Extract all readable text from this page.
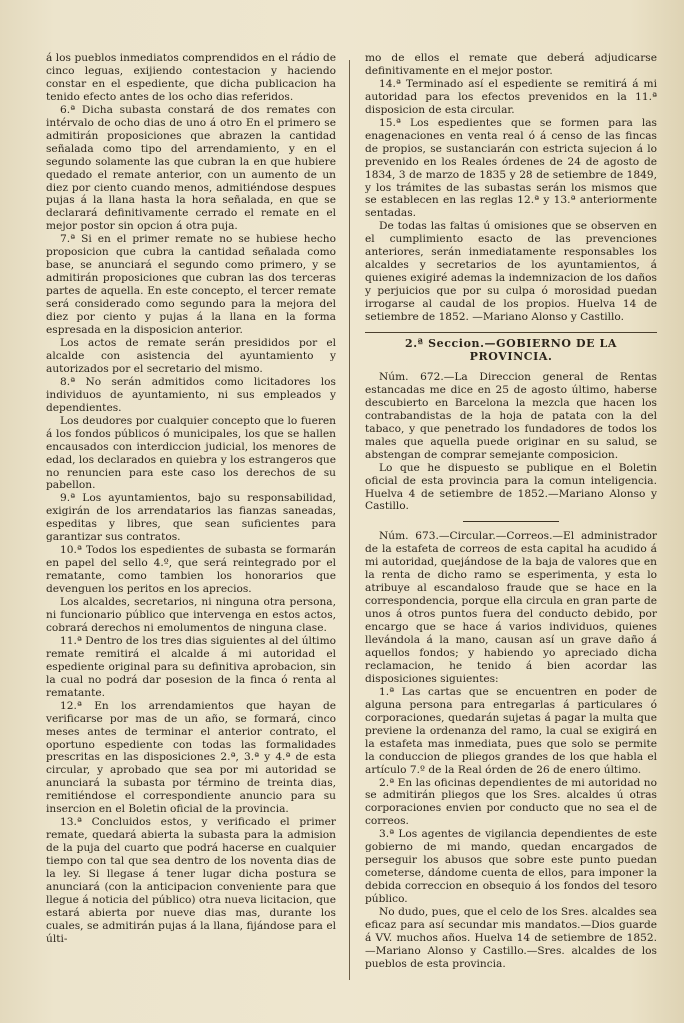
á los pueblos inmediatos comprendidos en el rádio de cinco leguas, exijiendo contestacion y haciendo constar en el espediente, que dicha publicacion ha tenido efecto antes de los ocho dias referidos.

6.ª Dicha subasta constará de dos remates con intérvalo de ocho dias de uno á otro En el primero se admitirán proposiciones que abrazen la cantidad señalada como tipo del arrendamiento, y en el segundo solamente las que cubran la en que hubiere quedado el remate anterior, con un aumento de un diez por ciento cuando menos, admitiéndose despues pujas á la llana hasta la hora señalada, en que se declarará definitivamente cerrado el remate en el mejor postor sin opcion á otra puja.

7.ª Si en el primer remate no se hubiese hecho proposicion que cubra la cantidad señalada como base, se anunciará el segundo como primero, y se admitirán proposiciones que cubran las dos terceras partes de aquella. En este concepto, el tercer remate será considerado como segundo para la mejora del diez por ciento y pujas á la llana en la forma espresada en la disposicion anterior.

Los actos de remate serán presididos por el alcalde con asistencia del ayuntamiento y autorizados por el secretario del mismo.

8.ª No serán admitidos como licitadores los individuos de ayuntamiento, ni sus empleados y dependientes.

Los deudores por cualquier concepto que lo fueren á los fondos públicos ó municipales, los que se hallen encausados con interdiccion judicial, los menores de edad, los declarados en quiebra y los estrangeros que no renuncien para este caso los derechos de su pabellon.

9.ª Los ayuntamientos, bajo su responsabilidad, exigirán de los arrendatarios las fianzas saneadas, espeditas y libres, que sean suficientes para garantizar sus contratos.

10.ª Todos los espedientes de subasta se formarán en papel del sello 4.º, que será reintegrado por el rematante, como tambien los honorarios que devenguen los peritos en los aprecios.

Los alcaldes, secretarios, ni ninguna otra persona, ni funcionario público que intervenga en estos actos, cobrará derechos ni emolumentos de ninguna clase.

11.ª Dentro de los tres dias siguientes al del último remate remitirá el alcalde á mi autoridad el espediente original para su definitiva aprobacion, sin la cual no podrá dar posesion de la finca ó renta al rematante.

12.ª En los arrendamientos que hayan de verificarse por mas de un año, se formará, cinco meses antes de terminar el anterior contrato, el oportuno espediente con todas las formalidades prescritas en las disposiciones 2.ª, 3.ª y 4.ª de esta circular, y aprobado que sea por mi autoridad se anunciará la subasta por término de treinta dias, remitiéndose el correspondiente anuncio para su insercion en el Boletin oficial de la provincia.

13.ª Concluidos estos, y verificado el primer remate, quedará abierta la subasta para la admision de la puja del cuarto que podrá hacerse en cualquier tiempo con tal que sea dentro de los noventa dias de la ley. Si llegase á tener lugar dicha postura se anunciará (con la anticipacion conveniente para que llegue á noticia del público) otra nueva licitacion, que estará abierta por nueve dias mas, durante los cuales, se admitirán pujas á la llana, fijándose para el últi-

mo de ellos el remate que deberá adjudicarse definitivamente en el mejor postor.

14.ª Terminado así el espediente se remitirá á mi autoridad para los efectos prevenidos en la 11.ª disposicion de esta circular.

15.ª Los espedientes que se formen para las enagenaciones en venta real ó á censo de las fincas de propios, se sustanciarán con estricta sujecion á lo prevenido en los Reales órdenes de 24 de agosto de 1834, 3 de marzo de 1835 y 28 de setiembre de 1849, y los trámites de las subastas serán los mismos que se establecen en las reglas 12.ª y 13.ª anteriormente sentadas.

De todas las faltas ú omisiones que se observen en el cumplimiento esacto de las prevenciones anteriores, serán inmediatamente responsables los alcaldes y secretarios de los ayuntamientos, á quienes exigiré ademas la indemnizacion de los daños y perjuicios que por su culpa ó morosidad puedan irrogarse al caudal de los propios. Huelva 14 de setiembre de 1852. —Mariano Alonso y Castillo.

2.ª Seccion.—GOBIERNO DE LA PROVINCIA.

Núm. 672.—La Direccion general de Rentas estancadas me dice en 25 de agosto último, haberse descubierto en Barcelona la mezcla que hacen los contrabandistas de la hoja de patata con la del tabaco, y que penetrado los fundadores de todos los males que aquella puede originar en su salud, se abstengan de comprar semejante composicion.

Lo que he dispuesto se publique en el Boletin oficial de esta provincia para la comun inteligencia. Huelva 4 de setiembre de 1852.—Mariano Alonso y Castillo.

Núm. 673.—Circular.—Correos.—El administrador de la estafeta de correos de esta capital ha acudido á mi autoridad, quejándose de la baja de valores que en la renta de dicho ramo se esperimenta, y esta lo atribuye al escandaloso fraude que se hace en la correspondencia, porque ella circula en gran parte de unos á otros puntos fuera del conducto debido, por encargo que se hace á varios individuos, quienes llevándola á la mano, causan así un grave daño á aquellos fondos; y habiendo yo apreciado dicha reclamacion, he tenido á bien acordar las disposiciones siguientes:

1.ª Las cartas que se encuentren en poder de alguna persona para entregarlas á particulares ó corporaciones, quedarán sujetas á pagar la multa que previene la ordenanza del ramo, la cual se exigirá en la estafeta mas inmediata, pues que solo se permite la conduccion de pliegos grandes de los que habla el artículo 7.º de la Real órden de 26 de enero último.

2.ª En las oficinas dependientes de mi autoridad no se admitirán pliegos que los Sres. alcaldes ú otras corporaciones envien por conducto que no sea el de correos.

3.ª Los agentes de vigilancia dependientes de este gobierno de mi mando, quedan encargados de perseguir los abusos que sobre este punto puedan cometerse, dándome cuenta de ellos, para imponer la debida correccion en obsequio á los fondos del tesoro público.

No dudo, pues, que el celo de los Sres. alcaldes sea eficaz para así secundar mis mandatos.—Dios guarde á VV. muchos años. Huelva 14 de setiembre de 1852.—Mariano Alonso y Castillo.—Sres. alcaldes de los pueblos de esta provincia.
